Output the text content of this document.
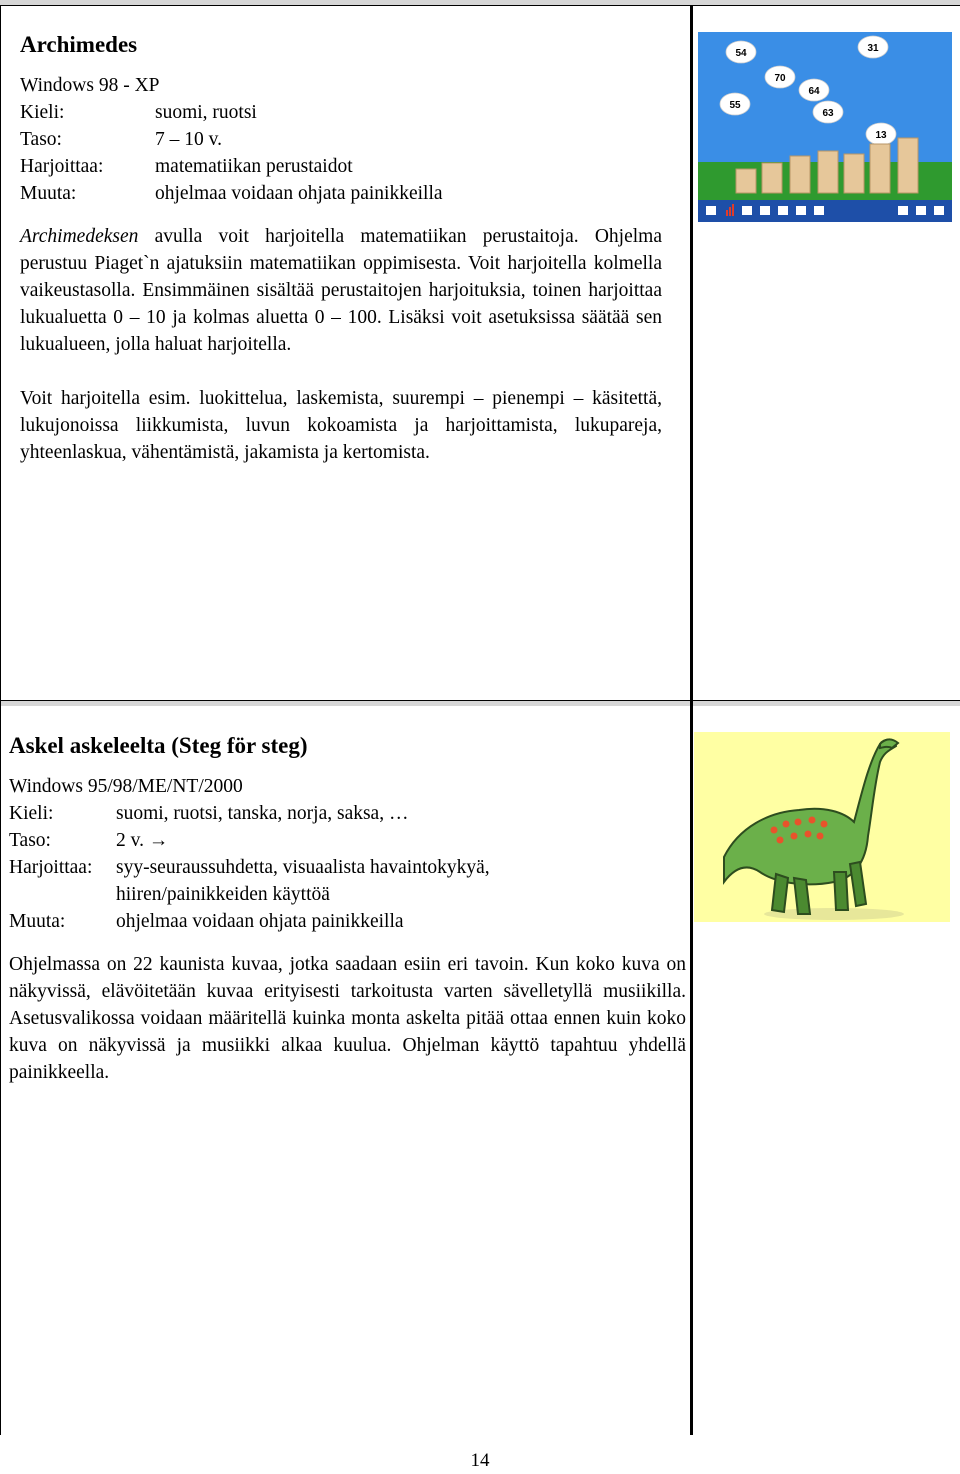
Archimedes
Windows 98 - XP
Kieli:	suomi, ruotsi
Taso:	7 – 10 v.
Harjoittaa:	matematiikan perustaidot
Muuta:	ohjelmaa voidaan ohjata painikkeilla

Archimedeksen avulla voit harjoitella matematiikan perustaitoja. Ohjelma perustuu Piaget`n ajatuksiin matematiikan oppimisesta. Voit harjoitella kolmella vaikeustasolla. Ensimmäinen sisältää perustaitojen harjoituksia, toinen harjoittaa lukualuetta 0 – 10 ja kolmas aluetta 0 – 100. Lisäksi voit asetuksissa säätää sen lukualueen, jolla haluat harjoitella.

Voit harjoitella esim. luokittelua, laskemista, suurempi – pienempi – käsitettä, lukujonoissa liikkumista, luvun kokoamista ja harjoittamista, lukupareja, yhteenlaskua, vähentämistä, jakamista ja kertomista.

54	31
70
64
55
63
13
Askel askeleelta (Steg för steg)
Windows 95/98/ME/NT/2000
Kieli:	suomi, ruotsi, tanska, norja, saksa, …
Taso:	2 v. →
Harjoittaa:	syy-seuraussuhdetta, visuaalista havaintokykyä, hiiren/painikkeiden käyttöä
Muuta:	ohjelmaa voidaan ohjata painikkeilla

Ohjelmassa on 22 kaunista kuvaa, jotka saadaan esiin eri tavoin. Kun koko kuva on näkyvissä, elävöitetään kuvaa erityisesti tarkoitusta varten sävelletyllä musiikilla. Asetusvalikossa voidaan määritellä kuinka monta askelta pitää ottaa ennen kuin koko kuva on näkyvissä ja musiikki alkaa kuulua. Ohjelman käyttö tapahtuu yhdellä painikkeella.

14
